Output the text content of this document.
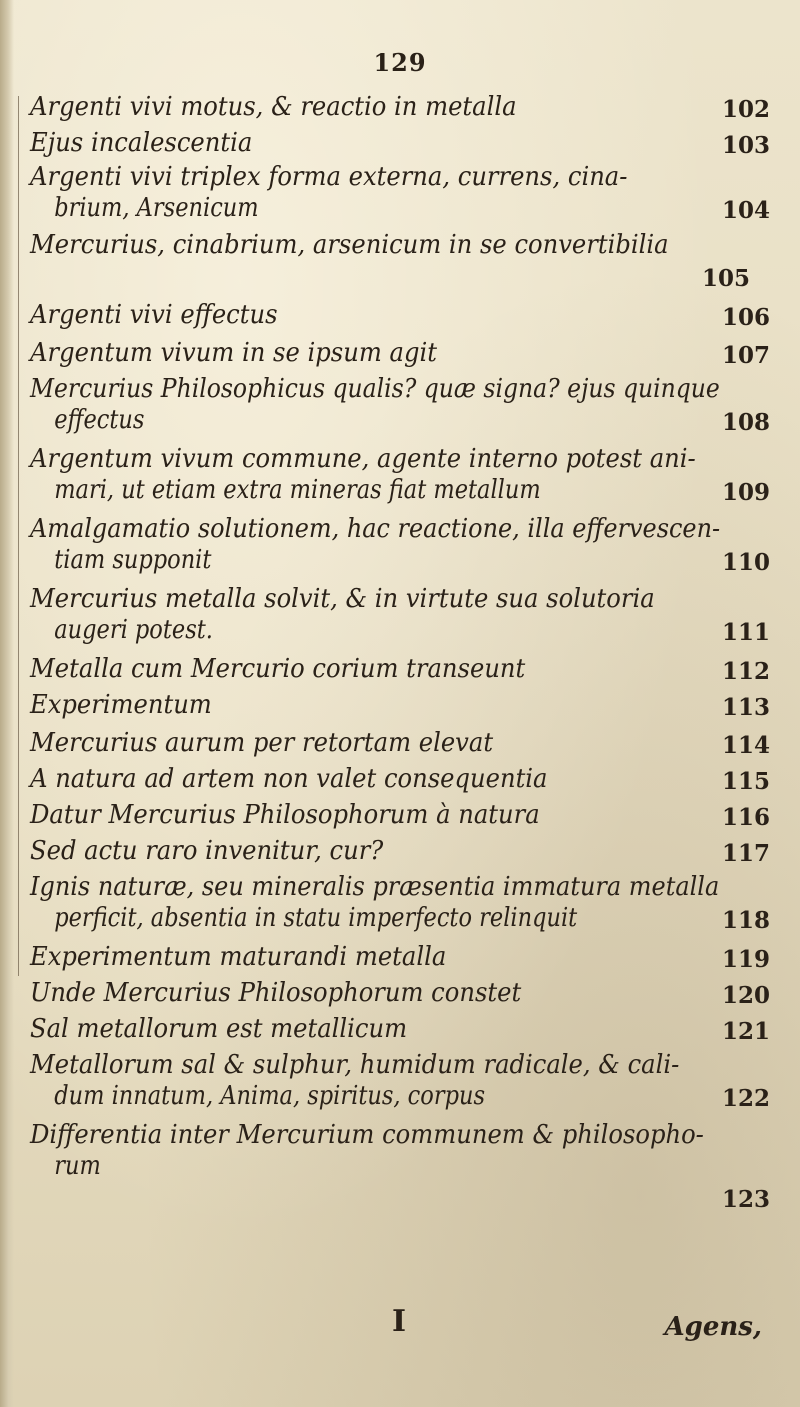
129
Argenti vivi motus, & reactio in metalla	102
Ejus incalescentia	103
Argenti vivi triplex forma externa, currens, cina-
brium, Arsenicum	104
Mercurius, cinabrium, arsenicum in se convertibilia
105
Argenti vivi effectus	106
Argentum vivum in se ipsum agit	107
Mercurius Philosophicus qualis? quæ signa? ejus quinque
effectus	108
Argentum vivum commune, agente interno potest ani-
mari, ut etiam extra mineras fiat metallum	109
Amalgamatio solutionem, hac reactione, illa effervescen-
tiam supponit	110
Mercurius metalla solvit, & in virtute sua solutoria
augeri potest.	111
Metalla cum Mercurio corium transeunt	112
Experimentum	113
Mercurius aurum per retortam elevat	114
A natura ad artem non valet consequentia	115
Datur Mercurius Philosophorum à natura	116
Sed actu raro invenitur, cur?	117
Ignis naturæ, seu mineralis præsentia immatura metalla
perficit, absentia in statu imperfecto relinquit	118
Experimentum maturandi metalla	119
Unde Mercurius Philosophorum constet	120
Sal metallorum est metallicum	121
Metallorum sal & sulphur, humidum radicale, & cali-
dum innatum, Anima, spiritus, corpus	122
Differentia inter Mercurium communem & philosopho-
rum
123
I	Agens,
